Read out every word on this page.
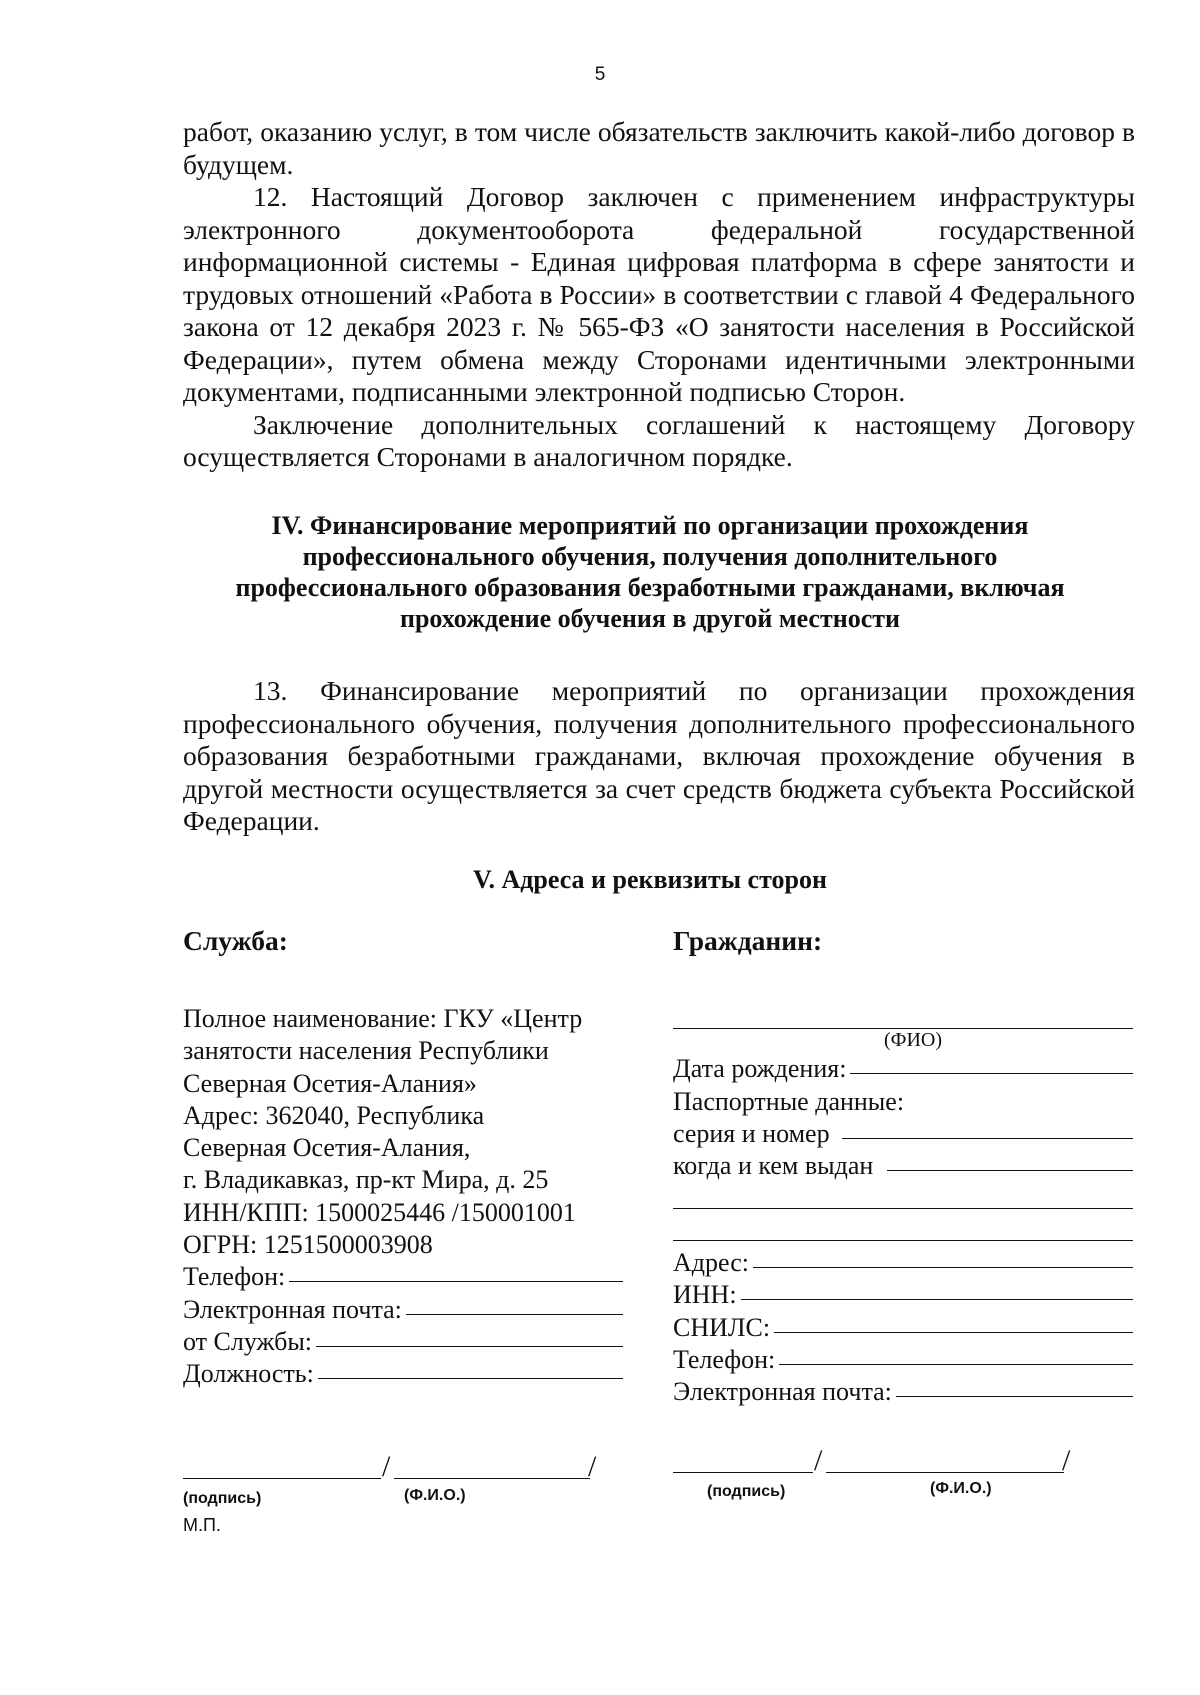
5

работ, оказанию услуг, в том числе обязательств заключить какой-либо договор в будущем.

12. Настоящий Договор заключен с применением инфраструктуры электронного документооборота федеральной государственной информационной системы - Единая цифровая платформа в сфере занятости и трудовых отношений «Работа в России» в соответствии с главой 4 Федерального закона от 12 декабря 2023 г. № 565-ФЗ «О занятости населения в Российской Федерации», путем обмена между Сторонами идентичными электронными документами, подписанными электронной подписью Сторон.

Заключение дополнительных соглашений к настоящему Договору осуществляется Сторонами в аналогичном порядке.

IV. Финансирование мероприятий по организации прохождения
профессионального обучения, получения дополнительного
профессионального образования безработными гражданами, включая
прохождение обучения в другой местности

13. Финансирование мероприятий по организации прохождения профессионального обучения, получения дополнительного профессионального образования безработными гражданами, включая прохождение обучения в другой местности осуществляется за счет средств бюджета субъекта Российской Федерации.

V. Адреса и реквизиты сторон
Служба:	Гражданин:
Полное наименование: ГКУ «Центр
занятости населения Республики
Северная Осетия-Алания»
Адрес: 362040, Республика
Северная Осетия-Алания,
г. Владикавказ, пр-кт Мира, д. 25
ИНН/КПП: 1500025446 /150001001
ОГРН: 1251500003908
Телефон:
Электронная почта:
от Службы:
Должность:
(ФИО)
Дата рождения:
Паспортные данные:
серия и номер
когда и кем выдан
Адрес:
ИНН:
СНИЛС:
Телефон:
Электронная почта:
/	/
(подпись)	(Ф.И.О.)
М.П.
/	/
(подпись)	(Ф.И.О.)
